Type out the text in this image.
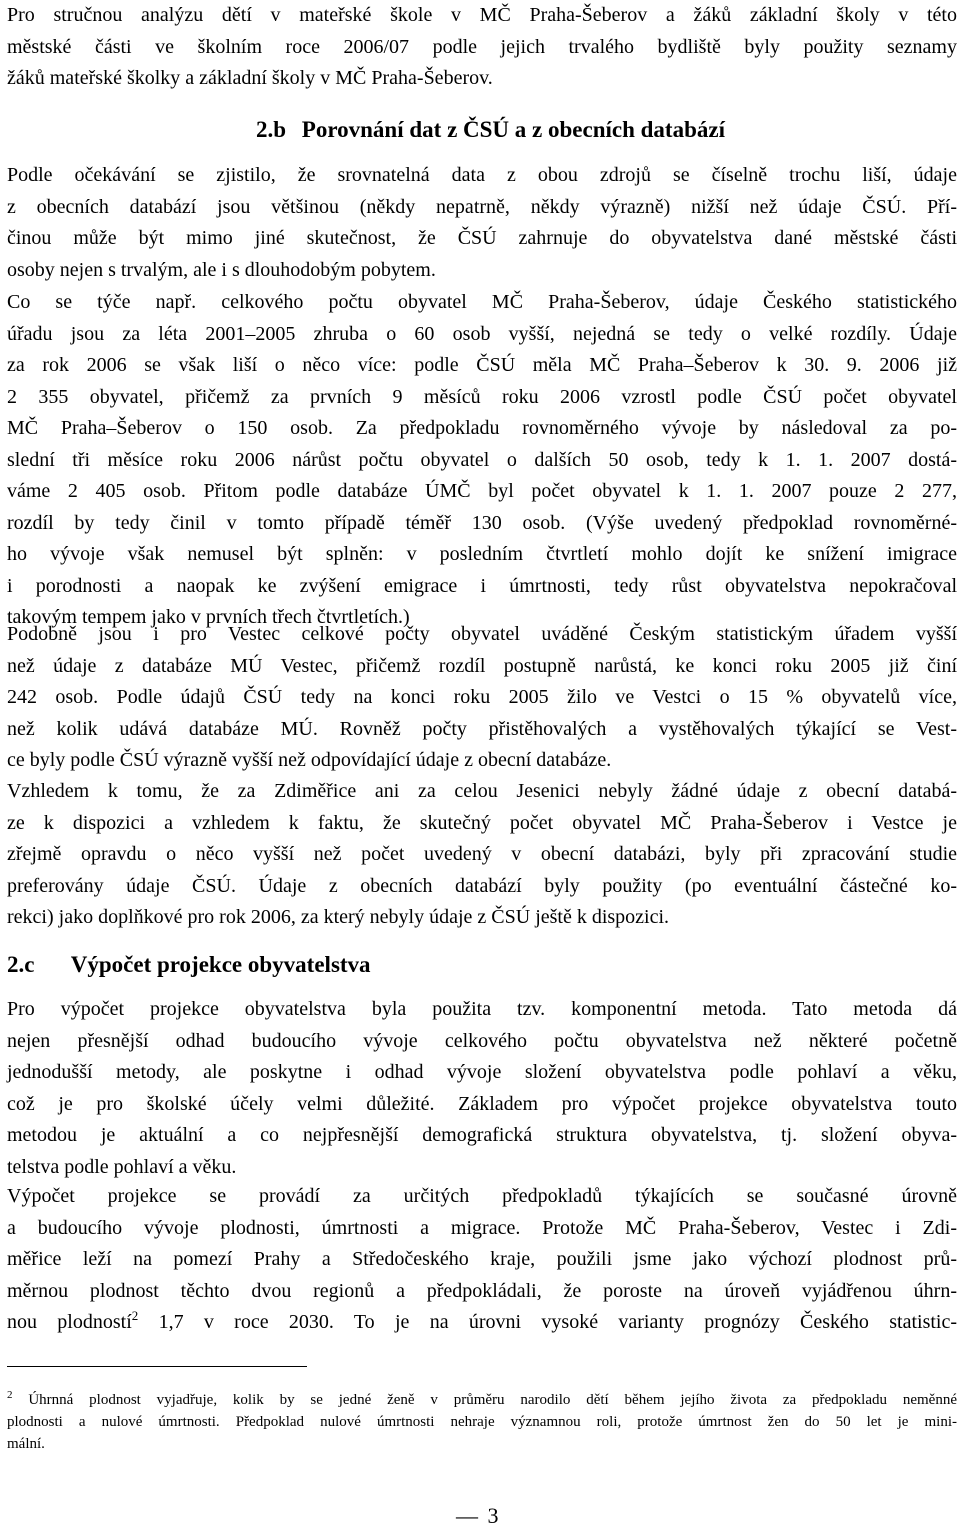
Pro stručnou analýzu dětí v mateřské škole v MČ Praha-Šeberov a žáků základní školy v této
městské části ve školním roce 2006/07 podle jejich trvalého bydliště byly použity seznamy
žáků mateřské školky a základní školy v MČ Praha-Šeberov.
2.b Porovnání dat z ČSÚ a z obecních databází
Podle očekávání se zjistilo, že srovnatelná data z obou zdrojů se číselně trochu liší, údaje
z obecních databází jsou většinou (někdy nepatrně, někdy výrazně) nižší než údaje ČSÚ. Pří-
činou může být mimo jiné skutečnost, že ČSÚ zahrnuje do obyvatelstva dané městské části
osoby nejen s trvalým, ale i s dlouhodobým pobytem.
Co se týče např. celkového počtu obyvatel MČ Praha-Šeberov, údaje Českého statistického
úřadu jsou za léta 2001–2005 zhruba o 60 osob vyšší, nejedná se tedy o velké rozdíly. Údaje
za rok 2006 se však liší o něco více: podle ČSÚ měla MČ Praha–Šeberov k 30. 9. 2006 již
2 355 obyvatel, přičemž za prvních 9 měsíců roku 2006 vzrostl podle ČSÚ počet obyvatel
MČ Praha–Šeberov o 150 osob. Za předpokladu rovnoměrného vývoje by následoval za po-
slední tři měsíce roku 2006 nárůst počtu obyvatel o dalších 50 osob, tedy k 1. 1. 2007 dostá-
váme 2 405 osob. Přitom podle databáze ÚMČ byl počet obyvatel k 1. 1. 2007 pouze 2 277,
rozdíl by tedy činil v tomto případě téměř 130 osob. (Výše uvedený předpoklad rovnoměrné-
ho vývoje však nemusel být splněn: v posledním čtvrtletí mohlo dojít ke snížení imigrace
i porodnosti a naopak ke zvýšení emigrace i úmrtnosti, tedy růst obyvatelstva nepokračoval
takovým tempem jako v prvních třech čtvrtletích.)
Podobně jsou i pro Vestec celkové počty obyvatel uváděné Českým statistickým úřadem vyšší
než údaje z databáze MÚ Vestec, přičemž rozdíl postupně narůstá, ke konci roku 2005 již činí
242 osob. Podle údajů ČSÚ tedy na konci roku 2005 žilo ve Vestci o 15 % obyvatelů více,
než kolik udává databáze MÚ. Rovněž počty přistěhovalých a vystěhovalých týkající se Vest-
ce byly podle ČSÚ výrazně vyšší než odpovídající údaje z obecní databáze.
Vzhledem k tomu, že za Zdiměřice ani za celou Jesenici nebyly žádné údaje z obecní databá-
ze k dispozici a vzhledem k faktu, že skutečný počet obyvatel MČ Praha-Šeberov i Vestce je
zřejmě opravdu o něco vyšší než počet uvedený v obecní databázi, byly při zpracování studie
preferovány údaje ČSÚ. Údaje z obecních databází byly použity (po eventuální částečné ko-
rekci) jako doplňkové pro rok 2006, za který nebyly údaje z ČSÚ ještě k dispozici.
2.c Výpočet projekce obyvatelstva
Pro výpočet projekce obyvatelstva byla použita tzv. komponentní metoda. Tato metoda dá
nejen přesnější odhad budoucího vývoje celkového počtu obyvatelstva než některé početně
jednodušší metody, ale poskytne i odhad vývoje složení obyvatelstva podle pohlaví a věku,
což je pro školské účely velmi důležité. Základem pro výpočet projekce obyvatelstva touto
metodou je aktuální a co nejpřesnější demografická struktura obyvatelstva, tj. složení obyva-
telstva podle pohlaví a věku.
Výpočet projekce se provádí za určitých předpokladů týkajících se současné úrovně
a budoucího vývoje plodnosti, úmrtnosti a migrace. Protože MČ Praha-Šeberov, Vestec i Zdi-
měřice leží na pomezí Prahy a Středočeského kraje, použili jsme jako výchozí plodnost prů-
měrnou plodnost těchto dvou regionů a předpokládali, že poroste na úroveň vyjádřenou úhrn-
nou plodností$^2$ 1,7 v roce 2030. To je na úrovni vysoké varianty prognózy Českého statistic-
$^2$ Úhrnná plodnost vyjadřuje, kolik by se jedné ženě v průměru narodilo dětí během jejího života za předpokladu neměnné
plodnosti a nulové úmrtnosti. Předpoklad nulové úmrtnosti nehraje významnou roli, protože úmrtnost žen do 50 let je mini-
mální.
— 3
